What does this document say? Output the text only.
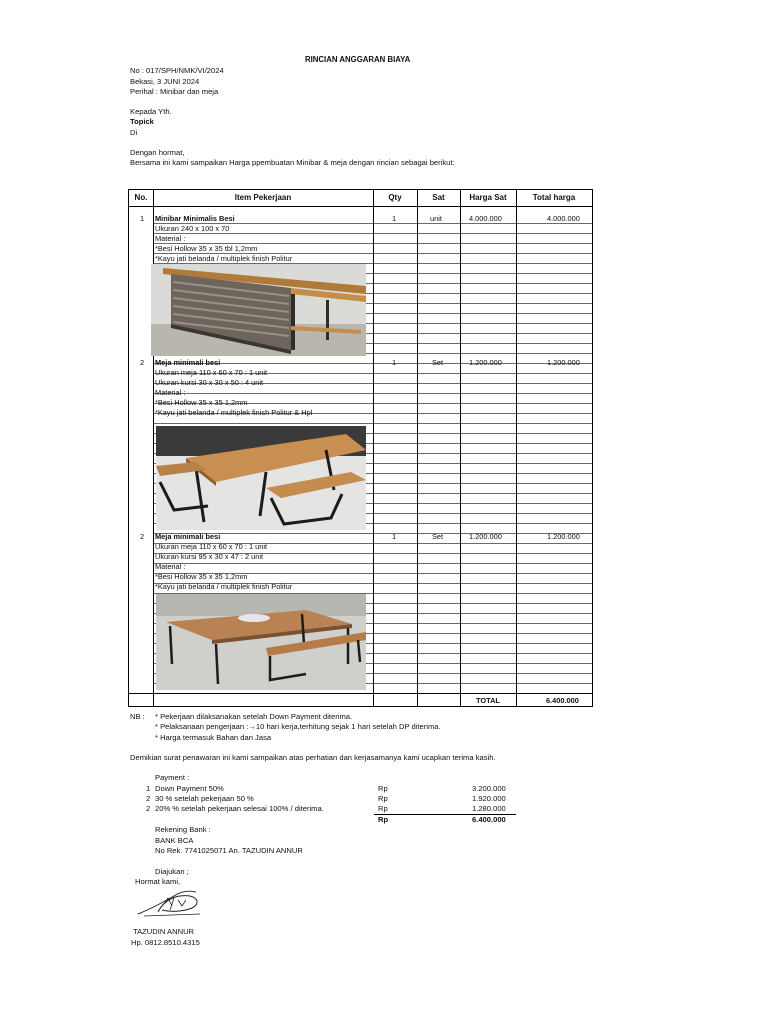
RINCIAN ANGGARAN BIAYA
No : 017/SPH/NMK/VI/2024
Bekasi, 3 JUNI 2024
Perihal : Minibar dan meja
Kepada Yth.
Topick
Di
Dengan hormat,
Bersama ini kami sampaikan Harga ppembuatan Minibar & meja dengan rincian sebagai berikut:
No.	Item Pekerjaan	Qty	Sat	Harga Sat	Total harga
1 Minibar Minimalis Besi	1	unit	4.000.000	4.000.000
Ukuran 240 x 100 x 70
Material :
*Besi Hollow 35 x 35 tbl 1,2mm
*Kayu jati belanda / multiplek finish Politur
2 Meja minimali besi	1	Set	1.200.000	1.200.000
Ukuran meja 110 x 60 x 70 : 1 unit
Ukuran kursi 30 x 30 x 50 : 4 unit
Material :
*Besi Hollow 35 x 35 1,2mm
*Kayu jati belanda / multiplek finish Politur & Hpl
2 Meja minimali besi	1	Set	1.200.000	1.200.000
Ukuran meja 110 x 60 x 70 : 1 unit
Ukuran kursi 95 x 30 x 47 : 2 unit
Material :
*Besi Hollow 35 x 35 1,2mm
*Kayu jati belanda / multiplek finish Politur
TOTAL	6.400.000
NB : * Pekerjaan dilaksanakan setelah Down Payment diterima.
* Pelaksanaan pengerjaan :→10 hari kerja,terhitung sejak 1 hari setelah DP diterima.
* Harga termasuk Bahan dan Jasa
Demikian surat penawaran ini kami sampaikan atas perhatian dan kerjasamanya kami ucapkan terima kasih.
Payment :
1 Down Payment 50%	Rp	3.200.000
2 30 % setelah pekerjaan 50 %	Rp	1.920.000
2 20% % setelah pekerjaan selesai 100% / diterima.	Rp	1.280.000
Rp	6.400.000
Rekening Bank :
BANK BCA
No Rek. 7741025071 An. TAZUDIN ANNUR
Diajukan ;
Hormat kami,
TAZUDIN ANNUR
Hp. 0812.8510.4315
